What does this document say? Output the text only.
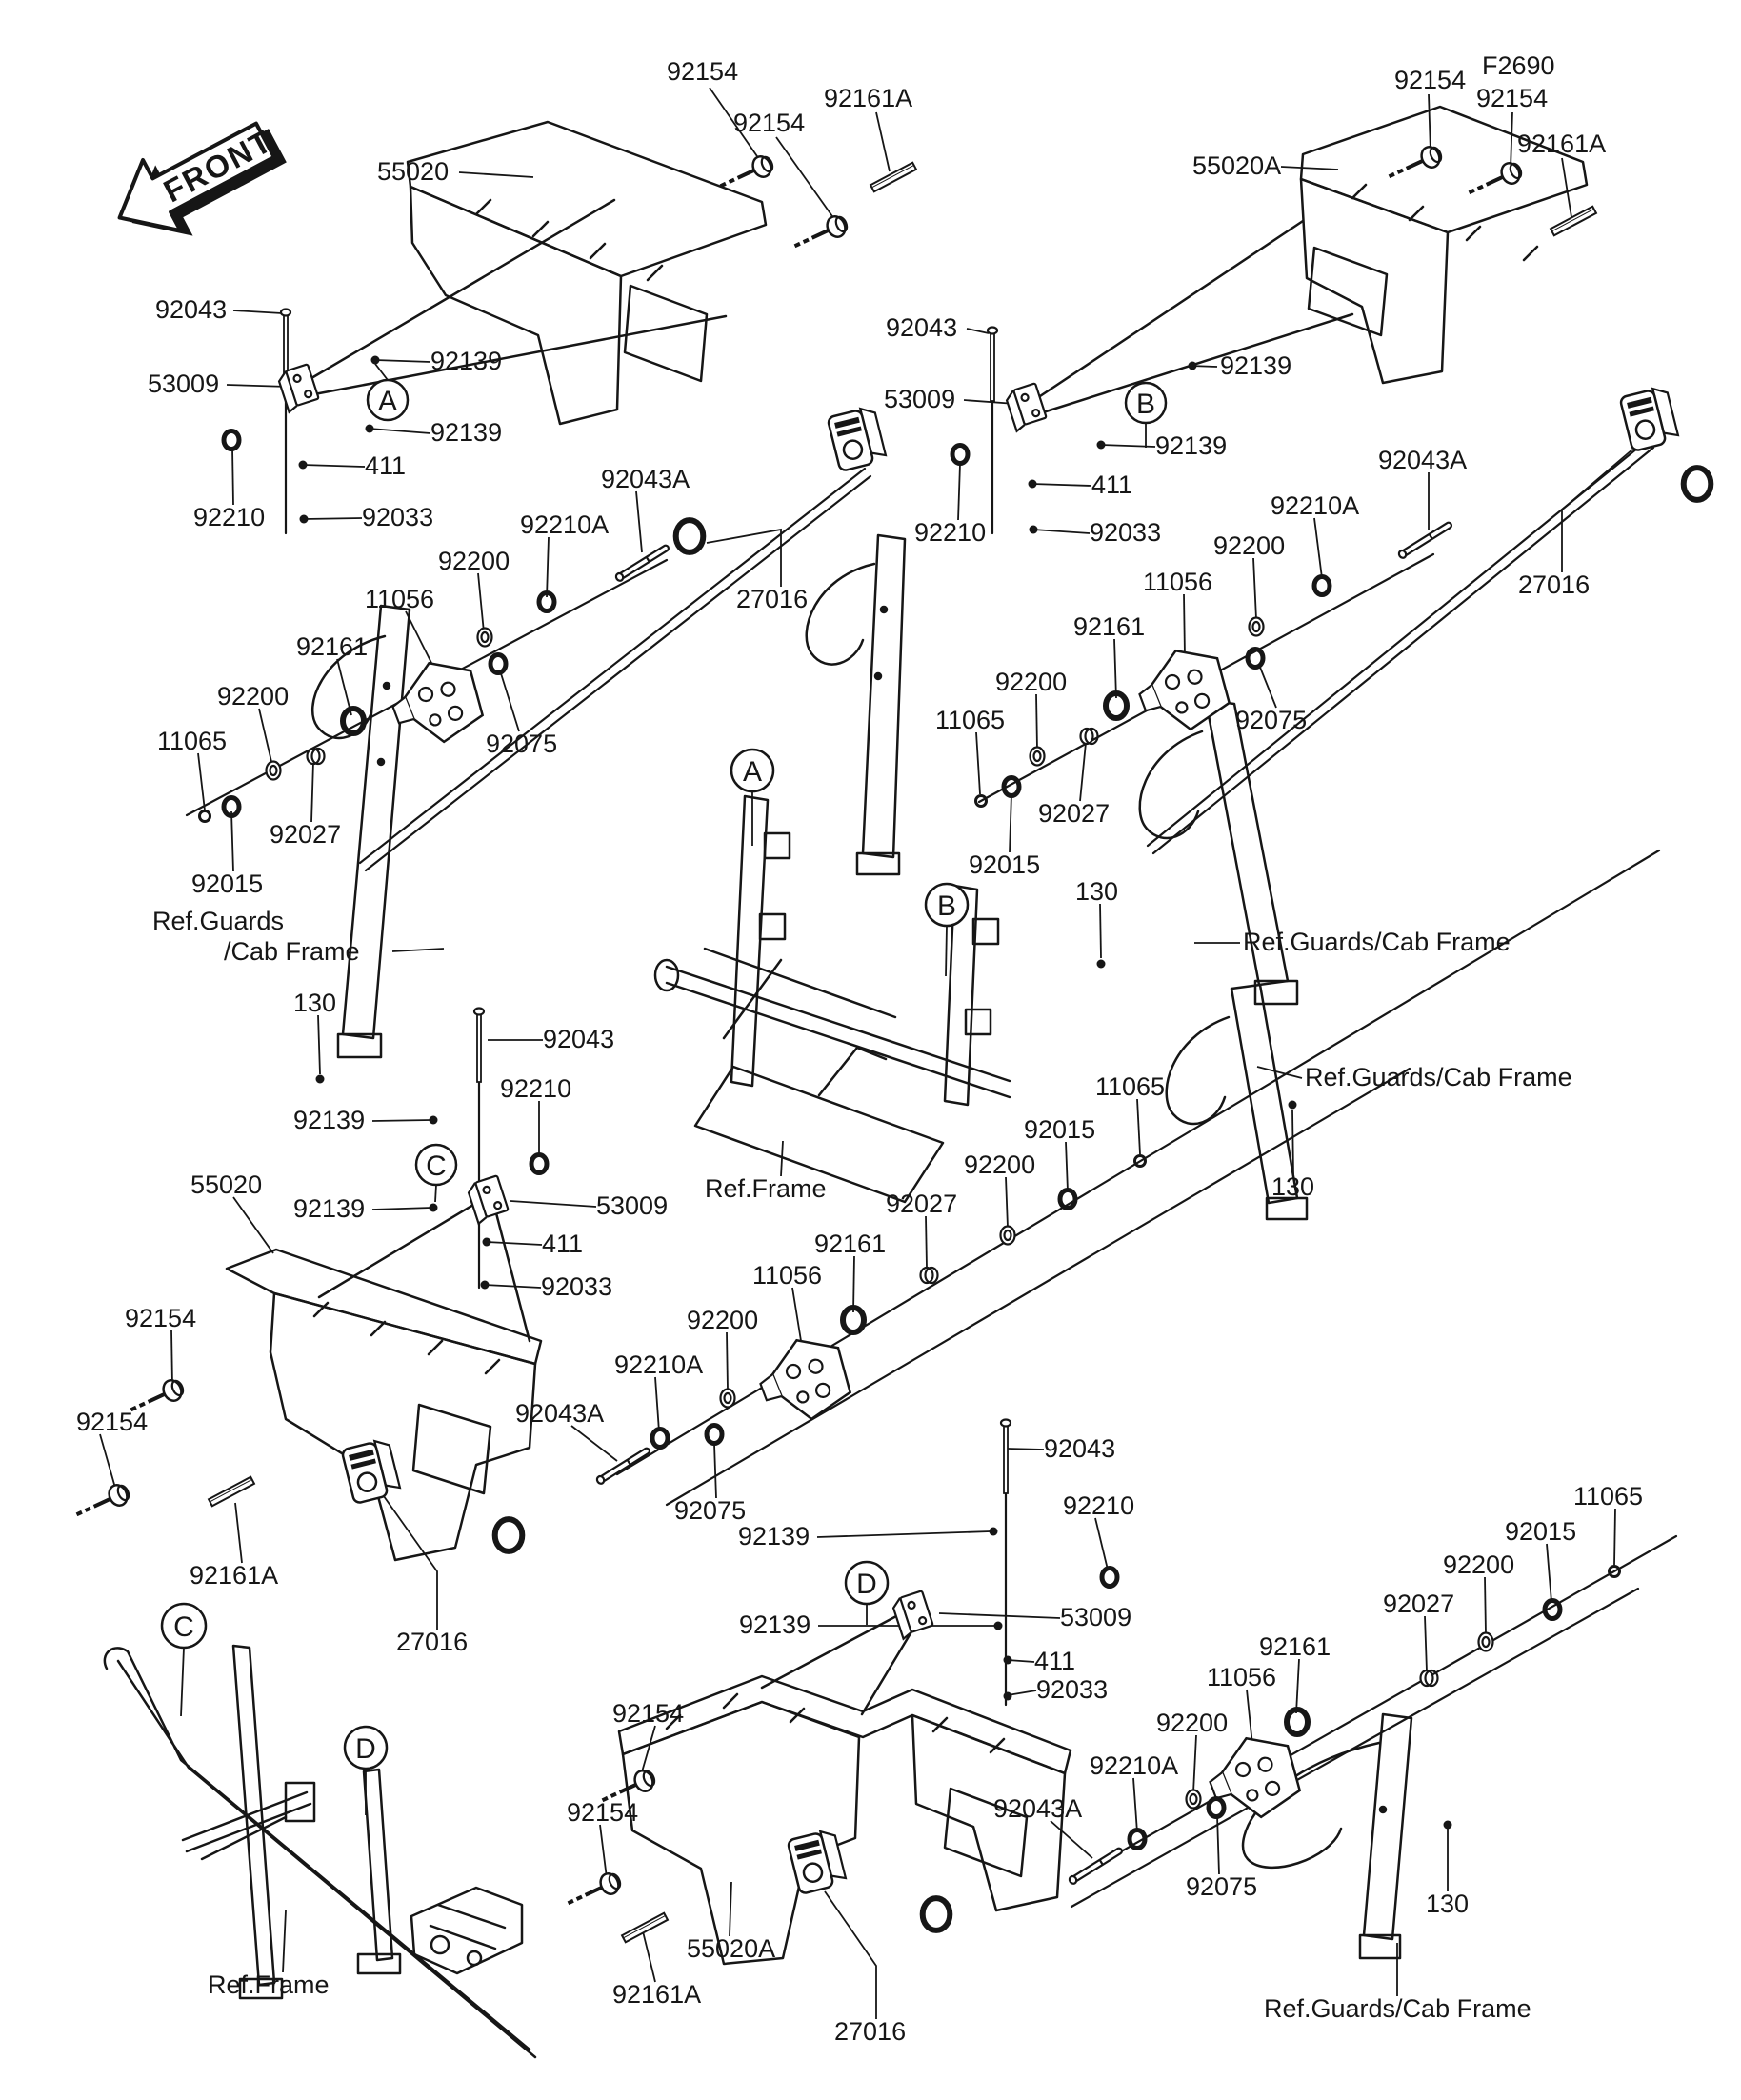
FRONT
92154
92154
92161A
55020
92043
53009
92139
92139
411
92210	92033
92200
92210A
11056
92161
92200
11065
92027
92015
Ref.Guards
/Cab Frame
130
92075
27016
92043A
92154 F2690
92154
92161A
55020A
92139
92043
53009
92139
411
92210	92033
92210A
92200
11056
92161
92200
11065
92027
92015
130
Ref.Guards/Cab Frame
Ref.Guards/Cab Frame
92075
27016
92043A
130
11065
92015
92200
92027
92161
11056
92200
92210A
92043A
92043
92210
92139
55020
92139	53009
411
92033
92154
92154
92161A
27016
92075
92139
92139
92043
92210
53009
411
92033
92154
92154
55020A
92161A
27016
11065
92015
92200
92027
92161
11056
92200
92210A
92043A
92075
130
Ref.Guards/Cab Frame
Ref.Frame
Ref.Frame
A
A
B
B
C
C
D
D
